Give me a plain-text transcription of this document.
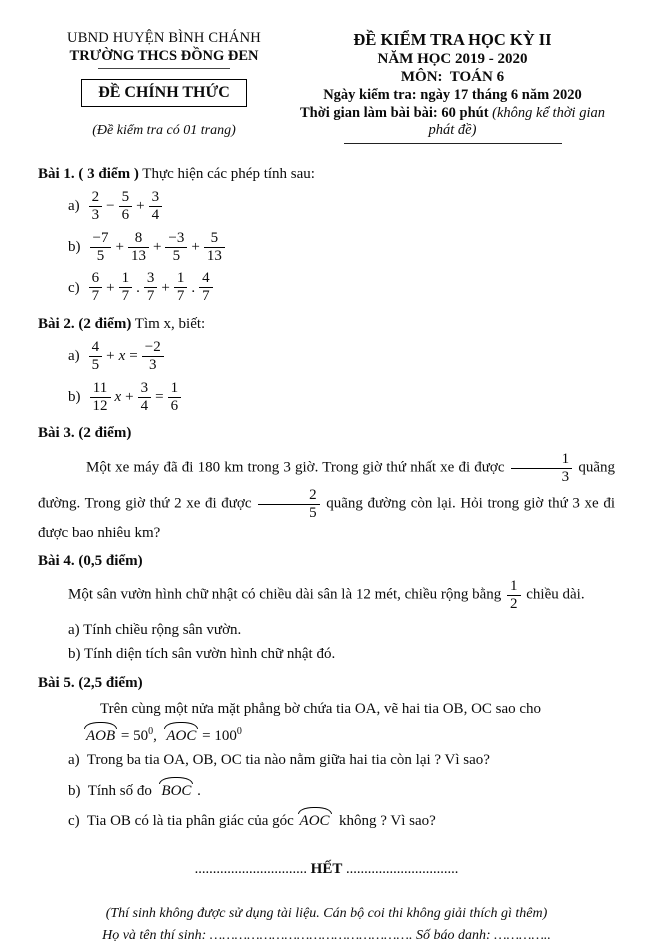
UBND HUYỆN BÌNH CHÁNH
TRƯỜNG THCS ĐỒNG ĐEN
ĐỀ CHÍNH THỨC
(Đề kiểm tra có 01 trang)
ĐỀ KIỂM TRA HỌC KỲ II
NĂM HỌC 2019 - 2020
MÔN:  TOÁN 6
Ngày kiểm tra: ngày 17 tháng 6 năm 2020
Thời gian làm bài bài: 60 phút (không kể thời gian phát đề)
Bài 1. ( 3 điểm ) Thực hiện các phép tính sau:
$a) \frac{2}{3} - \frac{5}{6} + \frac{3}{4}$
$b) \frac{-7}{5} + \frac{8}{13} + \frac{-3}{5} + \frac{5}{13}$
$c) \frac{6}{7} + \frac{1}{7}$ . $\frac{3}{7} + \frac{1}{7}$ . $\frac{4}{7}$
Bài 2. (2 điểm) Tìm x, biết:
$a) \frac{4}{5} + x = \frac{-2}{3}$
$b) \frac{11}{12}$ $x + \frac{3}{4} = \frac{1}{6}$
Bài 3. (2 điểm)
Một xe máy đã đi 180 km trong 3 giờ. Trong giờ thứ nhất xe đi được $\frac{1}{3}$ quãng đường. Trong giờ thứ 2 xe đi được $\frac{2}{5}$ quãng đường còn lại. Hỏi trong giờ thứ 3 xe đi được bao nhiêu km?
Bài 4. (0,5 điểm)
Một sân vườn hình chữ nhật có chiều dài sân là 12 mét, chiều rộng bằng $\frac{1}{2}$ chiều dài.
a) Tính chiều rộng sân vườn.
b) Tính diện tích sân vườn hình chữ nhật đó.
Bài 5. (2,5 điểm)
Trên cùng một nửa mặt phẳng bờ chứa tia OA, vẽ hai tia OB, OC sao cho
AOB = $50^0$,  AOC = $100^0$
a)  Trong ba tia OA, OB, OC tia nào nằm giữa hai tia còn lại ? Vì sao?
b)  Tính số đo  BOC .
c)  Tia OB có là tia phân giác của góc AOC  không ? Vì sao?
............................... HẾT ...............................
(Thí sinh không được sử dụng tài liệu. Cán bộ coi thi không giải thích gì thêm)
Họ và tên thí sinh: …………………………………………. Số báo danh: …………..
